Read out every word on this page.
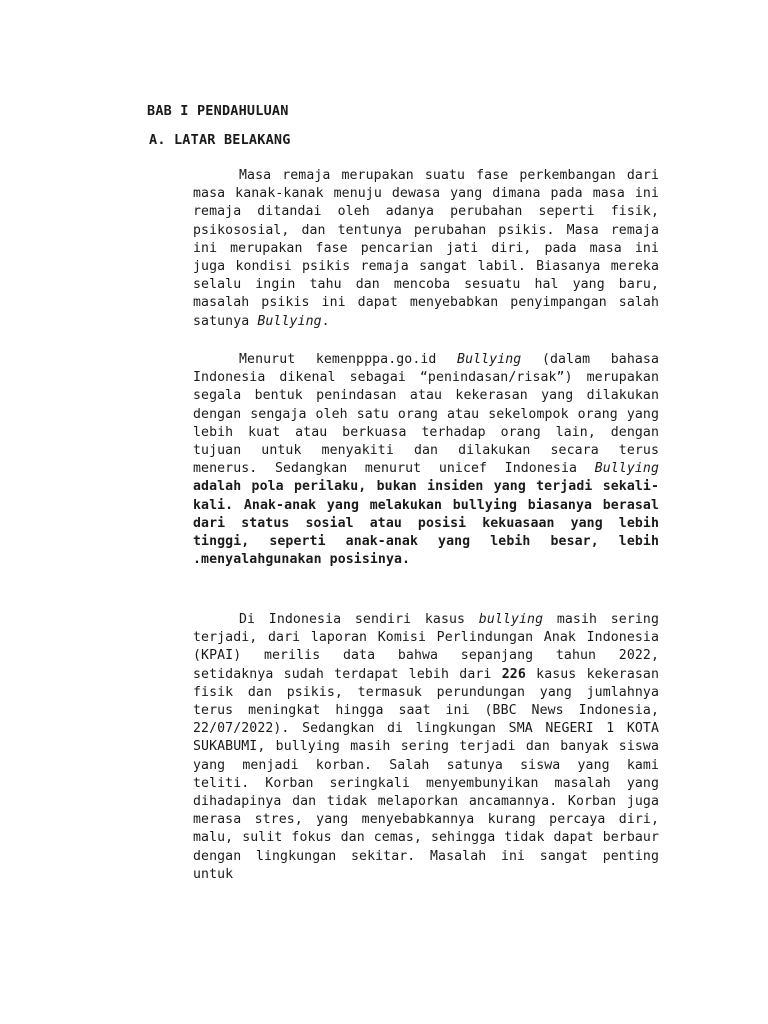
BAB I PENDAHULUAN
A. LATAR BELAKANG

Masa remaja merupakan suatu fase perkembangan dari masa kanak-kanak menuju dewasa yang dimana pada masa ini remaja ditandai oleh adanya perubahan seperti fisik, psikososial, dan tentunya perubahan psikis. Masa remaja ini merupakan fase pencarian jati diri, pada masa ini juga kondisi psikis remaja sangat labil. Biasanya mereka selalu ingin tahu dan mencoba sesuatu hal yang baru, masalah psikis ini dapat menyebabkan penyimpangan salah satunya Bullying.

Menurut kemenpppa.go.id Bullying (dalam bahasa Indonesia dikenal sebagai “penindasan/risak”) merupakan segala bentuk penindasan atau kekerasan yang dilakukan dengan sengaja oleh satu orang atau sekelompok orang yang lebih kuat atau berkuasa terhadap orang lain, dengan tujuan untuk menyakiti dan dilakukan secara terus menerus. Sedangkan menurut unicef Indonesia Bullying adalah pola perilaku, bukan insiden yang terjadi sekali-kali. Anak-anak yang melakukan bullying biasanya berasal dari status sosial atau posisi kekuasaan yang lebih tinggi, seperti anak-anak yang lebih besar, lebih .menyalahgunakan posisinya.

Di Indonesia sendiri kasus bullying masih sering terjadi, dari laporan Komisi Perlindungan Anak Indonesia (KPAI) merilis data bahwa sepanjang tahun 2022, setidaknya sudah terdapat lebih dari 226 kasus kekerasan fisik dan psikis, termasuk perundungan yang jumlahnya terus meningkat hingga saat ini (BBC News Indonesia, 22/07/2022). Sedangkan di lingkungan SMA NEGERI 1 KOTA SUKABUMI, bullying masih sering terjadi dan banyak siswa yang menjadi korban. Salah satunya siswa yang kami teliti. Korban seringkali menyembunyikan masalah yang dihadapinya dan tidak melaporkan ancamannya. Korban juga merasa stres, yang menyebabkannya kurang percaya diri, malu, sulit fokus dan cemas, sehingga tidak dapat berbaur dengan lingkungan sekitar. Masalah ini sangat penting untuk
